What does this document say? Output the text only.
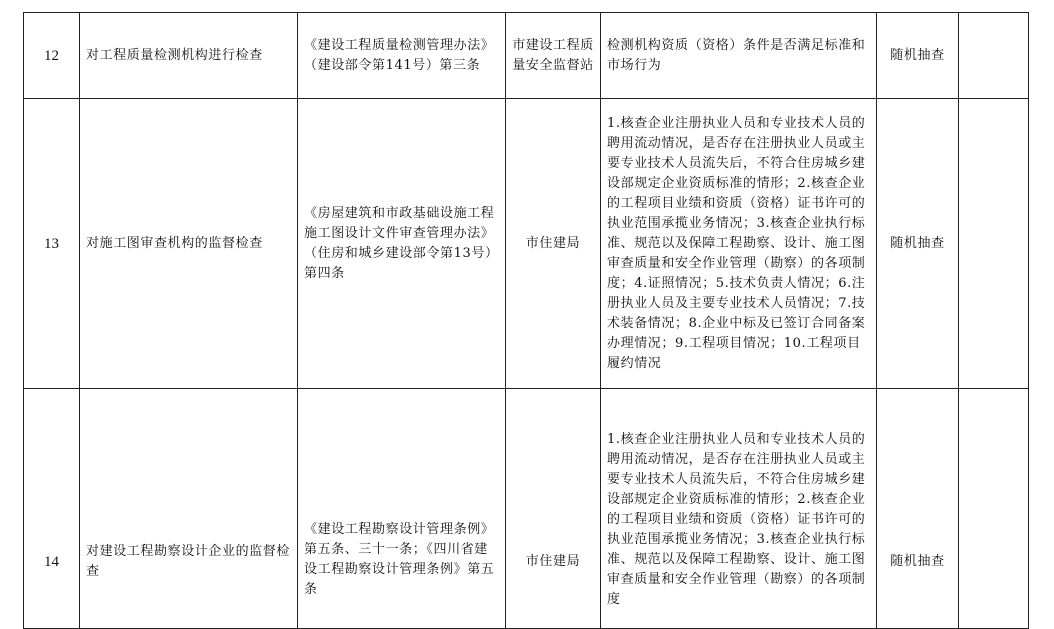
12	对工程质量检测机构进行检查	《建设工程质量检测管理办法》（建设部令第141号）第三条	市建设工程质量安全监督站	检测机构资质（资格）条件是否满足标准和市场行为	随机抽查	
13	对施工图审查机构的监督检查	《房屋建筑和市政基础设施工程施工图设计文件审查管理办法》（住房和城乡建设部令第13号）第四条	市住建局	1.核查企业注册执业人员和专业技术人员的聘用流动情况，是否存在注册执业人员或主要专业技术人员流失后，不符合住房城乡建设部规定企业资质标准的情形；2.核查企业的工程项目业绩和资质（资格）证书许可的执业范围承揽业务情况；3.核查企业执行标准、规范以及保障工程勘察、设计、施工图审查质量和安全作业管理（勘察）的各项制度；4.证照情况；5.技术负责人情况；6.注册执业人员及主要专业技术人员情况；7.技术装备情况；8.企业中标及已签订合同备案办理情况；9.工程项目情况；10.工程项目履约情况	随机抽查	
14	对建设工程勘察设计企业的监督检查	《建设工程勘察设计管理条例》第五条、三十一条；《四川省建设工程勘察设计管理条例》第五条	市住建局	1.核查企业注册执业人员和专业技术人员的聘用流动情况，是否存在注册执业人员或主要专业技术人员流失后，不符合住房城乡建设部规定企业资质标准的情形；2.核查企业的工程项目业绩和资质（资格）证书许可的执业范围承揽业务情况；3.核查企业执行标准、规范以及保障工程勘察、设计、施工图审查质量和安全作业管理（勘察）的各项制度	随机抽查	
